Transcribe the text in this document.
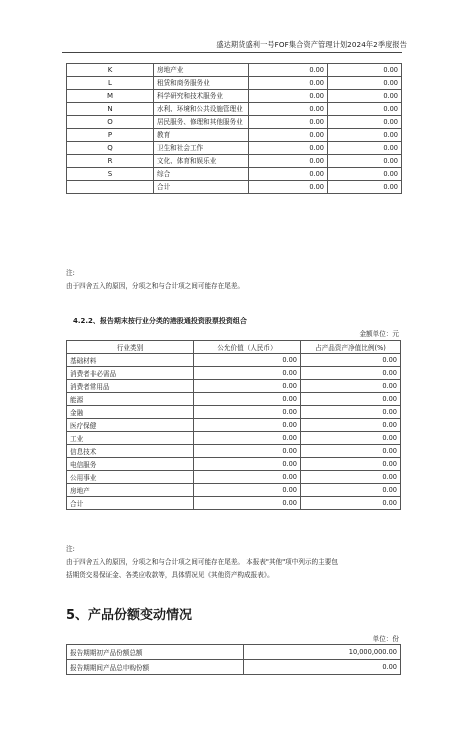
盛达期货盛利一号FOF集合资产管理计划2024年2季度报告
K	房地产业	0.00	0.00
L	租赁和商务服务业	0.00	0.00
M	科学研究和技术服务业	0.00	0.00
N	水利、环境和公共设施管理业	0.00	0.00
O	居民服务、修理和其他服务业	0.00	0.00
P	教育	0.00	0.00
Q	卫生和社会工作	0.00	0.00
R	文化、体育和娱乐业	0.00	0.00
S	综合	0.00	0.00
	合计	0.00	0.00
注:
由于四舍五入的原因，分项之和与合计项之间可能存在尾差。
4.2.2、报告期末按行业分类的港股通投资股票投资组合
金额单位：元
行业类别	公允价值（人民币）	占产品资产净值比例(%)
基础材料	0.00	0.00
消费者非必需品	0.00	0.00
消费者常用品	0.00	0.00
能源	0.00	0.00
金融	0.00	0.00
医疗保健	0.00	0.00
工业	0.00	0.00
信息技术	0.00	0.00
电信服务	0.00	0.00
公用事业	0.00	0.00
房地产	0.00	0.00
合计	0.00	0.00
注:
由于四舍五入的原因，分项之和与合计项之间可能存在尾差。 本报表"其他"项中列示的主要包
括期货交易保证金、各类应收款等，具体情况见《其他资产构成报表》。
5、产品份额变动情况
单位：份
报告期期初产品份额总额	10,000,000.00
报告期期间产品总申购份额	0.00
